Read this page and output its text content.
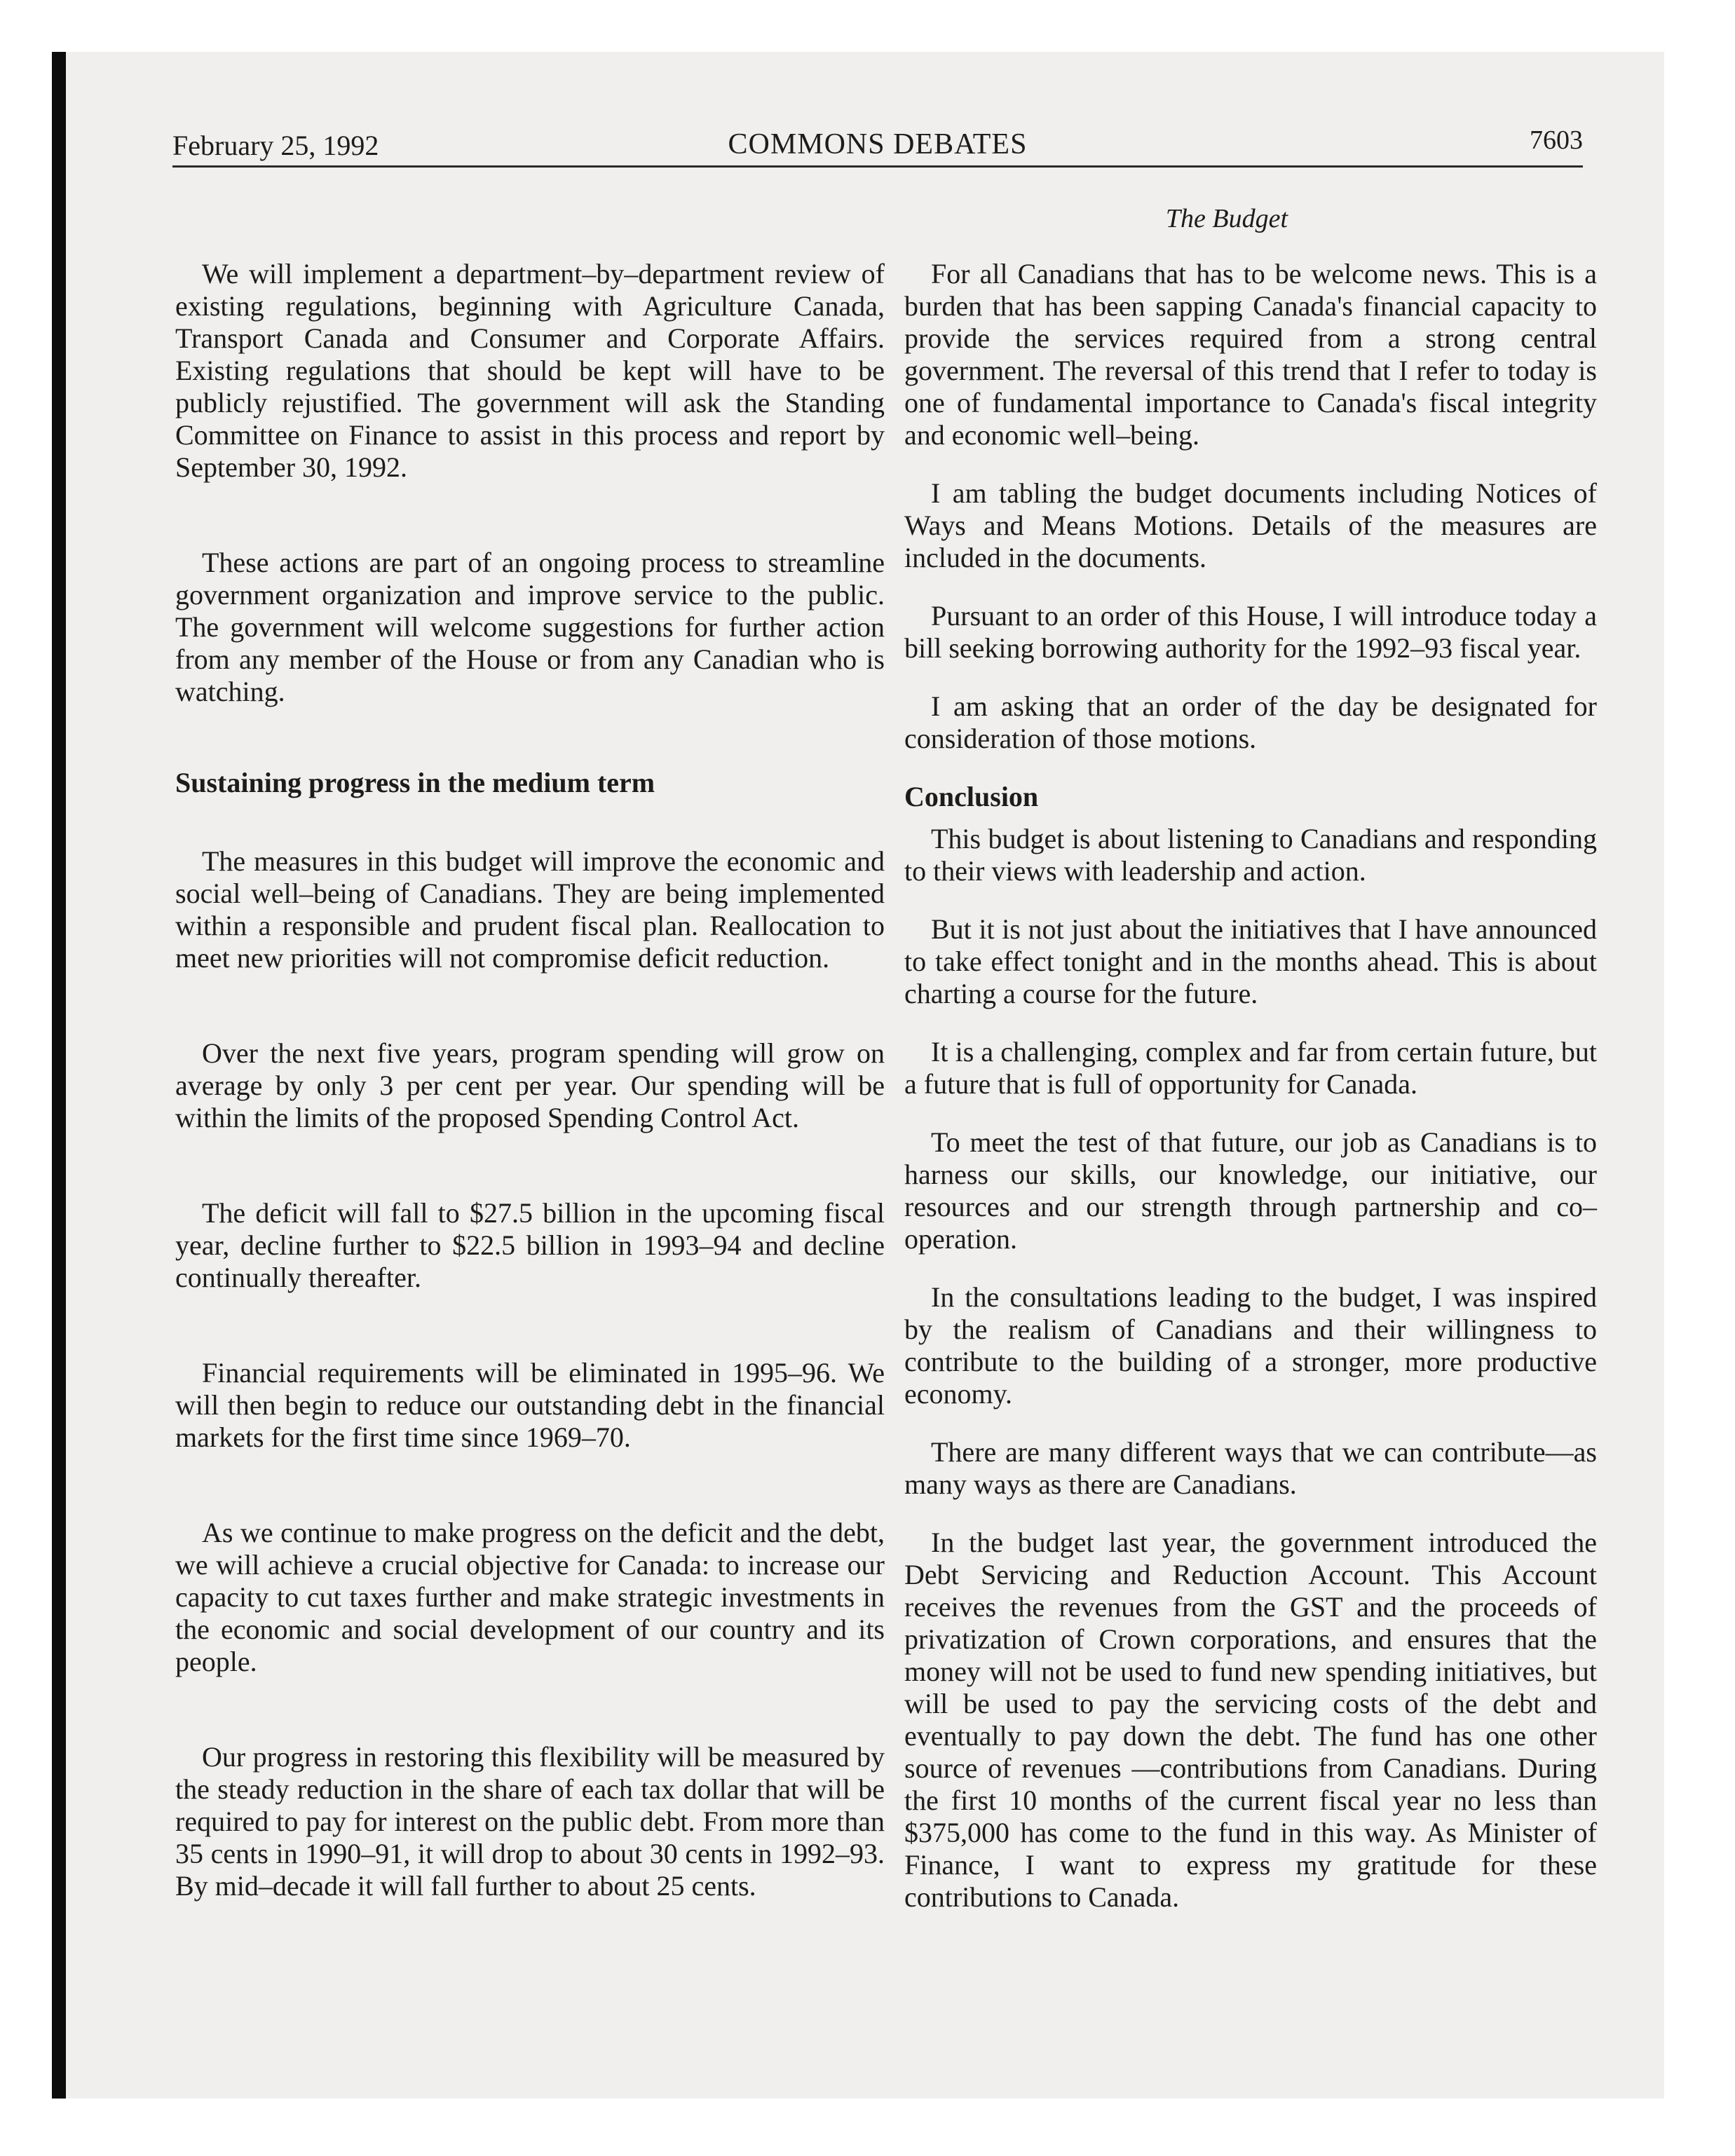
February 25, 1992	COMMONS DEBATES	7603
The Budget

We will implement a department–by–department review of existing regulations, beginning with Agriculture Canada, Transport Canada and Consumer and Corporate Affairs. Existing regulations that should be kept will have to be publicly rejustified. The government will ask the Standing Committee on Finance to assist in this process and report by September 30, 1992.

These actions are part of an ongoing process to streamline government organization and improve service to the public. The government will welcome suggestions for further action from any member of the House or from any Canadian who is watching.

Sustaining progress in the medium term

The measures in this budget will improve the economic and social well–being of Canadians. They are being implemented within a responsible and prudent fiscal plan. Reallocation to meet new priorities will not compromise deficit reduction.

Over the next five years, program spending will grow on average by only 3 per cent per year. Our spending will be within the limits of the proposed Spending Control Act.

The deficit will fall to $27.5 billion in the upcoming fiscal year, decline further to $22.5 billion in 1993–94 and decline continually thereafter.

Financial requirements will be eliminated in 1995–96. We will then begin to reduce our outstanding debt in the financial markets for the first time since 1969–70.

As we continue to make progress on the deficit and the debt, we will achieve a crucial objective for Canada: to increase our capacity to cut taxes further and make strategic investments in the economic and social development of our country and its people.

Our progress in restoring this flexibility will be measured by the steady reduction in the share of each tax dollar that will be required to pay for interest on the public debt. From more than 35 cents in 1990–91, it will drop to about 30 cents in 1992–93. By mid–decade it will fall further to about 25 cents.

For all Canadians that has to be welcome news. This is a burden that has been sapping Canada's financial capacity to provide the services required from a strong central government. The reversal of this trend that I refer to today is one of fundamental importance to Canada's fiscal integrity and economic well–being.

I am tabling the budget documents including Notices of Ways and Means Motions. Details of the measures are included in the documents.

Pursuant to an order of this House, I will introduce today a bill seeking borrowing authority for the 1992–93 fiscal year.

I am asking that an order of the day be designated for consideration of those motions.

Conclusion

This budget is about listening to Canadians and responding to their views with leadership and action.

But it is not just about the initiatives that I have announced to take effect tonight and in the months ahead. This is about charting a course for the future.

It is a challenging, complex and far from certain future, but a future that is full of opportunity for Canada.

To meet the test of that future, our job as Canadians is to harness our skills, our knowledge, our initiative, our resources and our strength through partnership and co–operation.

In the consultations leading to the budget, I was inspired by the realism of Canadians and their willingness to contribute to the building of a stronger, more productive economy.

There are many different ways that we can contribute—as many ways as there are Canadians.

In the budget last year, the government introduced the Debt Servicing and Reduction Account. This Account receives the revenues from the GST and the proceeds of privatization of Crown corporations, and ensures that the money will not be used to fund new spending initiatives, but will be used to pay the servicing costs of the debt and eventually to pay down the debt. The fund has one other source of revenues —contributions from Canadians. During the first 10 months of the current fiscal year no less than $375,000 has come to the fund in this way. As Minister of Finance, I want to express my gratitude for these contributions to Canada.
